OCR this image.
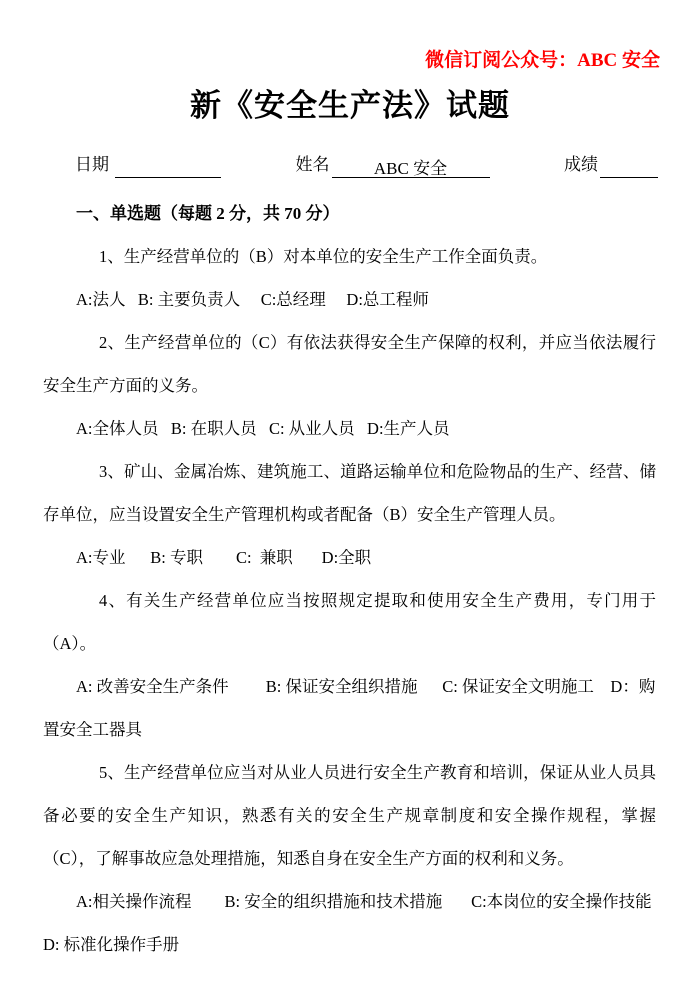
微信订阅公众号：ABC 安全
新《安全生产法》试题
日期	姓名	ABC 安全	成绩

一、单选题（每题 2 分，共 70 分）

1、生产经营单位的（B）对本单位的安全生产工作全面负责。

A:法人   B: 主要负责人     C:总经理     D:总工程师

2、生产经营单位的（C）有依法获得安全生产保障的权利，并应当依法履行安全生产方面的义务。

A:全体人员   B: 在职人员   C: 从业人员   D:生产人员

3、矿山、金属冶炼、建筑施工、道路运输单位和危险物品的生产、经营、储存单位，应当设置安全生产管理机构或者配备（B）安全生产管理人员。

A:专业      B: 专职        C:  兼职       D:全职

4、有关生产经营单位应当按照规定提取和使用安全生产费用，专门用于（A）。

A: 改善安全生产条件         B: 保证安全组织措施      C: 保证安全文明施工    D：购置安全工器具

5、生产经营单位应当对从业人员进行安全生产教育和培训，保证从业人员具备必要的安全生产知识，熟悉有关的安全生产规章制度和安全操作规程，掌握（C），了解事故应急处理措施，知悉自身在安全生产方面的权利和义务。

A:相关操作流程        B: 安全的组织措施和技术措施       C:本岗位的安全操作技能     D: 标准化操作手册
